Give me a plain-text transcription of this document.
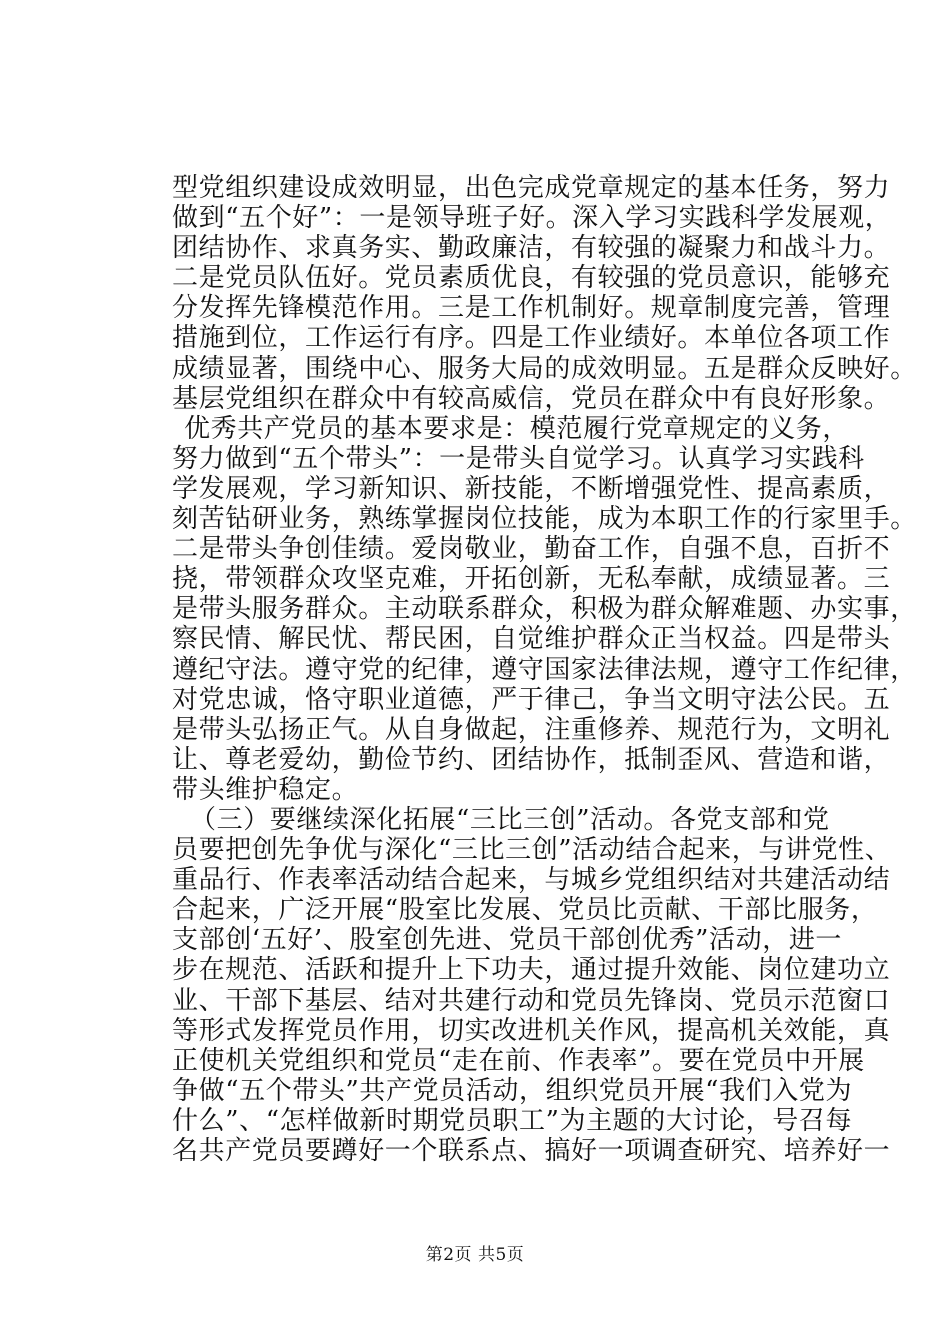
型党组织建设成效明显，出色完成党章规定的基本任务，努力
做到“五个好”：一是领导班子好。深入学习实践科学发展观，
团结协作、求真务实、勤政廉洁，有较强的凝聚力和战斗力。
二是党员队伍好。党员素质优良，有较强的党员意识，能够充
分发挥先锋模范作用。三是工作机制好。规章制度完善，管理
措施到位，工作运行有序。四是工作业绩好。本单位各项工作
成绩显著，围绕中心、服务大局的成效明显。五是群众反映好。
基层党组织在群众中有较高威信，党员在群众中有良好形象。
优秀共产党员的基本要求是：模范履行党章规定的义务，
努力做到“五个带头”：一是带头自觉学习。认真学习实践科
学发展观，学习新知识、新技能，不断增强党性、提高素质，
刻苦钻研业务，熟练掌握岗位技能，成为本职工作的行家里手。
二是带头争创佳绩。爱岗敬业，勤奋工作，自强不息，百折不
挠，带领群众攻坚克难，开拓创新，无私奉献，成绩显著。三
是带头服务群众。主动联系群众，积极为群众解难题、办实事，
察民情、解民忧、帮民困，自觉维护群众正当权益。四是带头
遵纪守法。遵守党的纪律，遵守国家法律法规，遵守工作纪律，
对党忠诚，恪守职业道德，严于律己，争当文明守法公民。五
是带头弘扬正气。从自身做起，注重修养、规范行为，文明礼
让、尊老爱幼，勤俭节约、团结协作，抵制歪风、营造和谐，
带头维护稳定。
（三）要继续深化拓展“三比三创”活动。各党支部和党
员要把创先争优与深化“三比三创”活动结合起来，与讲党性、
重品行、作表率活动结合起来，与城乡党组织结对共建活动结
合起来，广泛开展“股室比发展、党员比贡献、干部比服务，
支部创‘五好’、股室创先进、党员干部创优秀”活动，进一
步在规范、活跃和提升上下功夫，通过提升效能、岗位建功立
业、干部下基层、结对共建行动和党员先锋岗、党员示范窗口
等形式发挥党员作用，切实改进机关作风，提高机关效能，真
正使机关党组织和党员“走在前、作表率”。要在党员中开展
争做“五个带头”共产党员活动，组织党员开展“我们入党为
什么”、“怎样做新时期党员职工”为主题的大讨论，号召每
名共产党员要蹲好一个联系点、搞好一项调查研究、培养好一
第2页 共5页
